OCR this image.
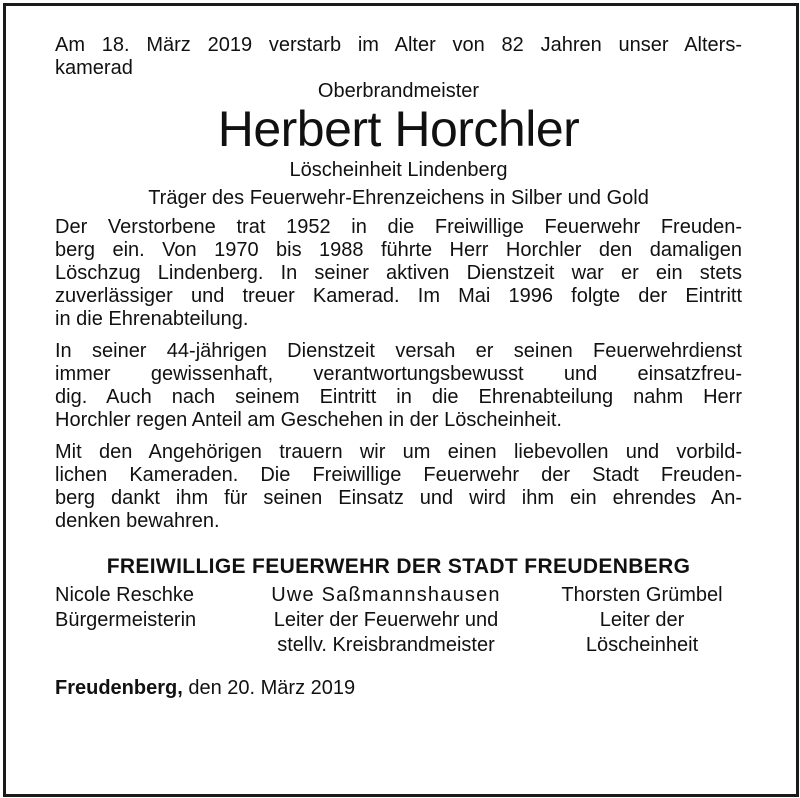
Am 18. März 2019 verstarb im Alter von 82 Jahren unser Alters-
kamerad
Oberbrandmeister
Herbert Horchler
Löscheinheit Lindenberg
Träger des Feuerwehr-Ehrenzeichens in Silber und Gold
Der Verstorbene trat 1952 in die Freiwillige Feuerwehr Freuden-
berg ein. Von 1970 bis 1988 führte Herr Horchler den damaligen
Löschzug Lindenberg. In seiner aktiven Dienstzeit war er ein stets
zuverlässiger und treuer Kamerad. Im Mai 1996 folgte der Eintritt
in die Ehrenabteilung.
In seiner 44-jährigen Dienstzeit versah er seinen Feuerwehrdienst
immer gewissenhaft, verantwortungsbewusst und einsatzfreu-
dig. Auch nach seinem Eintritt in die Ehrenabteilung nahm Herr
Horchler regen Anteil am Geschehen in der Löscheinheit.
Mit den Angehörigen trauern wir um einen liebevollen und vorbild-
lichen Kameraden. Die Freiwillige Feuerwehr der Stadt Freuden-
berg dankt ihm für seinen Einsatz und wird ihm ein ehrendes An-
denken bewahren.
FREIWILLIGE FEUERWEHR DER STADT FREUDENBERG
Nicole Reschke
Bürgermeisterin
Uwe Saßmannshausen
Leiter der Feuerwehr und
stellv. Kreisbrandmeister
Thorsten Grümbel
Leiter der
Löscheinheit
Freudenberg, den 20. März 2019
